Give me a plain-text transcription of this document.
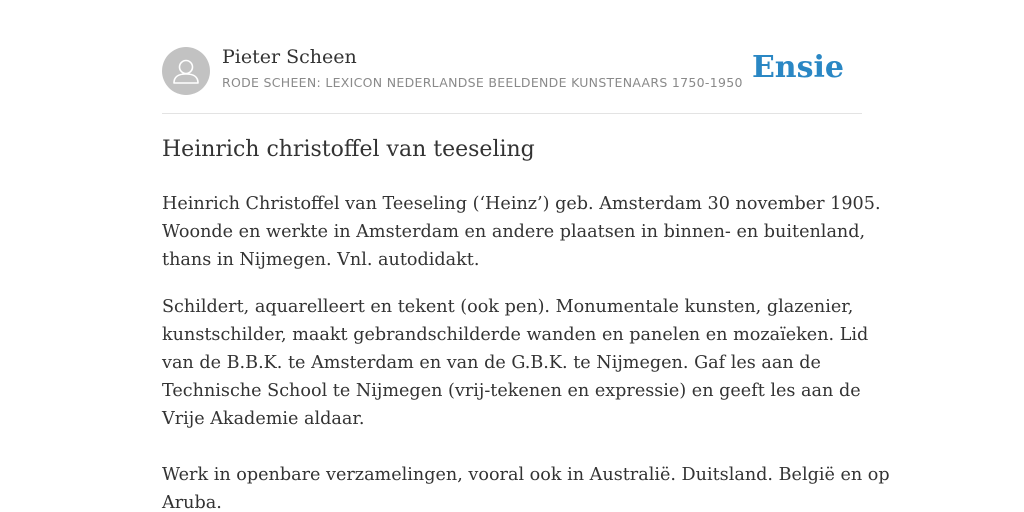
Pieter Scheen
RODE SCHEEN: LEXICON NEDERLANDSE BEELDENDE KUNSTENAARS 1750-1950 Ensie
Heinrich christoffel van teeseling

Heinrich Christoffel van Teeseling (‘Heinz’) geb. Amsterdam 30 november 1905.
Woonde en werkte in Amsterdam en andere plaatsen in binnen- en buitenland,
thans in Nijmegen. Vnl. autodidakt.

Schildert, aquarelleert en tekent (ook pen). Monumentale kunsten, glazenier,
kunstschilder, maakt gebrandschilderde wanden en panelen en mozaïeken. Lid
van de B.B.K. te Amsterdam en van de G.B.K. te Nijmegen. Gaf les aan de
Technische School te Nijmegen (vrij-tekenen en expressie) en geeft les aan de
Vrije Akademie aldaar.
Werk in openbare verzamelingen, vooral ook in Australië. Duitsland. België en op
Aruba.
